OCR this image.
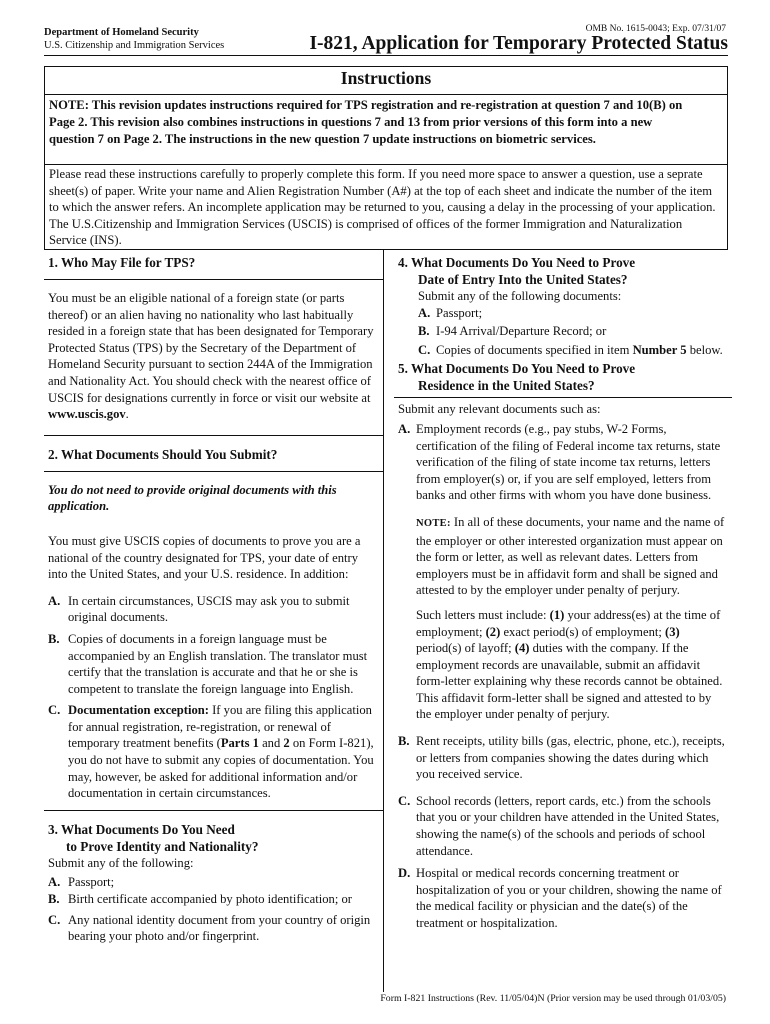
Department of Homeland Security
U.S. Citizenship and Immigration Services
OMB No. 1615-0043; Exp. 07/31/07
I-821, Application for Temporary Protected Status
Instructions
NOTE: This revision updates instructions required for TPS registration and re-registration at question 7 and 10(B) on Page 2. This revision also combines instructions in questions 7 and 13 from prior versions of this form into a new question 7 on Page 2. The instructions in the new question 7 update instructions on biometric services.
Please read these instructions carefully to properly complete this form. If you need more space to answer a question, use a seprate sheet(s) of paper. Write your name and Alien Registration Number (A#) at the top of each sheet and indicate the number of the item to which the answer refers. An incomplete application may be returned to you, causing a delay in the processing of your application. The U.S.Citizenship and Immigration Services (USCIS) is comprised of offices of the former Immigration and Naturalization Service (INS).
1. Who May File for TPS?

You must be an eligible national of a foreign state (or parts thereof) or an alien having no nationality who last habitually resided in a foreign state that has been designated for Temporary Protected Status (TPS) by the Secretary of the Department of Homeland Security pursuant to section 244A of the Immigration and Nationality Act. You should check with the nearest office of USCIS for designations currently in force or visit our website at www.uscis.gov.

2. What Documents Should You Submit?

You do not need to provide original documents with this application.

You must give USCIS copies of documents to prove you are a national of the country designated for TPS, your date of entry into the United States, and your U.S. residence. In addition:

A. In certain circumstances, USCIS may ask you to submit original documents.
B. Copies of documents in a foreign language must be accompanied by an English translation. The translator must certify that the translation is accurate and that he or she is competent to translate the foreign language into English.
C. Documentation exception: If you are filing this application for annual registration, re-registration, or renewal of temporary treatment benefits (Parts 1 and 2 on Form I-821), you do not have to submit any copies of documentation. You may, however, be asked for additional information and/or documentation in certain circumstances.
3. What Documents Do You Need
to Prove Identity and Nationality?

Submit any of the following:

A. Passport;
B. Birth certificate accompanied by photo identification; or
C. Any national identity document from your country of origin bearing your photo and/or fingerprint.
4. What Documents Do You Need to Prove
Date of Entry Into the United States?

Submit any of the following documents:

A. Passport;
B. I-94 Arrival/Departure Record; or
C. Copies of documents specified in item Number 5 below.
5. What Documents Do You Need to Prove
Residence in the United States?

Submit any relevant documents such as:

A. Employment records (e.g., pay stubs, W-2 Forms, certification of the filing of Federal income tax returns, state verification of the filing of state income tax returns, letters from employer(s) or, if you are self employed, letters from banks and other firms with whom you have done business.

NOTE: In all of these documents, your name and the name of the employer or other interested organization must appear on the form or letter, as well as relevant dates. Letters from employers must be in affidavit form and shall be signed and attested to by the employer under penalty of perjury.

Such letters must include: (1) your address(es) at the time of employment; (2) exact period(s) of employment; (3) period(s) of layoff; (4) duties with the company. If the employment records are unavailable, submit an affidavit form-letter explaining why these records cannot be obtained. This affidavit form-letter shall be signed and attested to by the employer under penalty of perjury.

B. Rent receipts, utility bills (gas, electric, phone, etc.), receipts, or letters from companies showing the dates during which you received service.
C. School records (letters, report cards, etc.) from the schools that you or your children have attended in the United States, showing the name(s) of the schools and periods of school attendance.
D. Hospital or medical records concerning treatment or hospitalization of you or your children, showing the name of the medical facility or physician and the date(s) of the treatment or hospitalization.
Form I-821 Instructions (Rev. 11/05/04)N (Prior version may be used through 01/03/05)
